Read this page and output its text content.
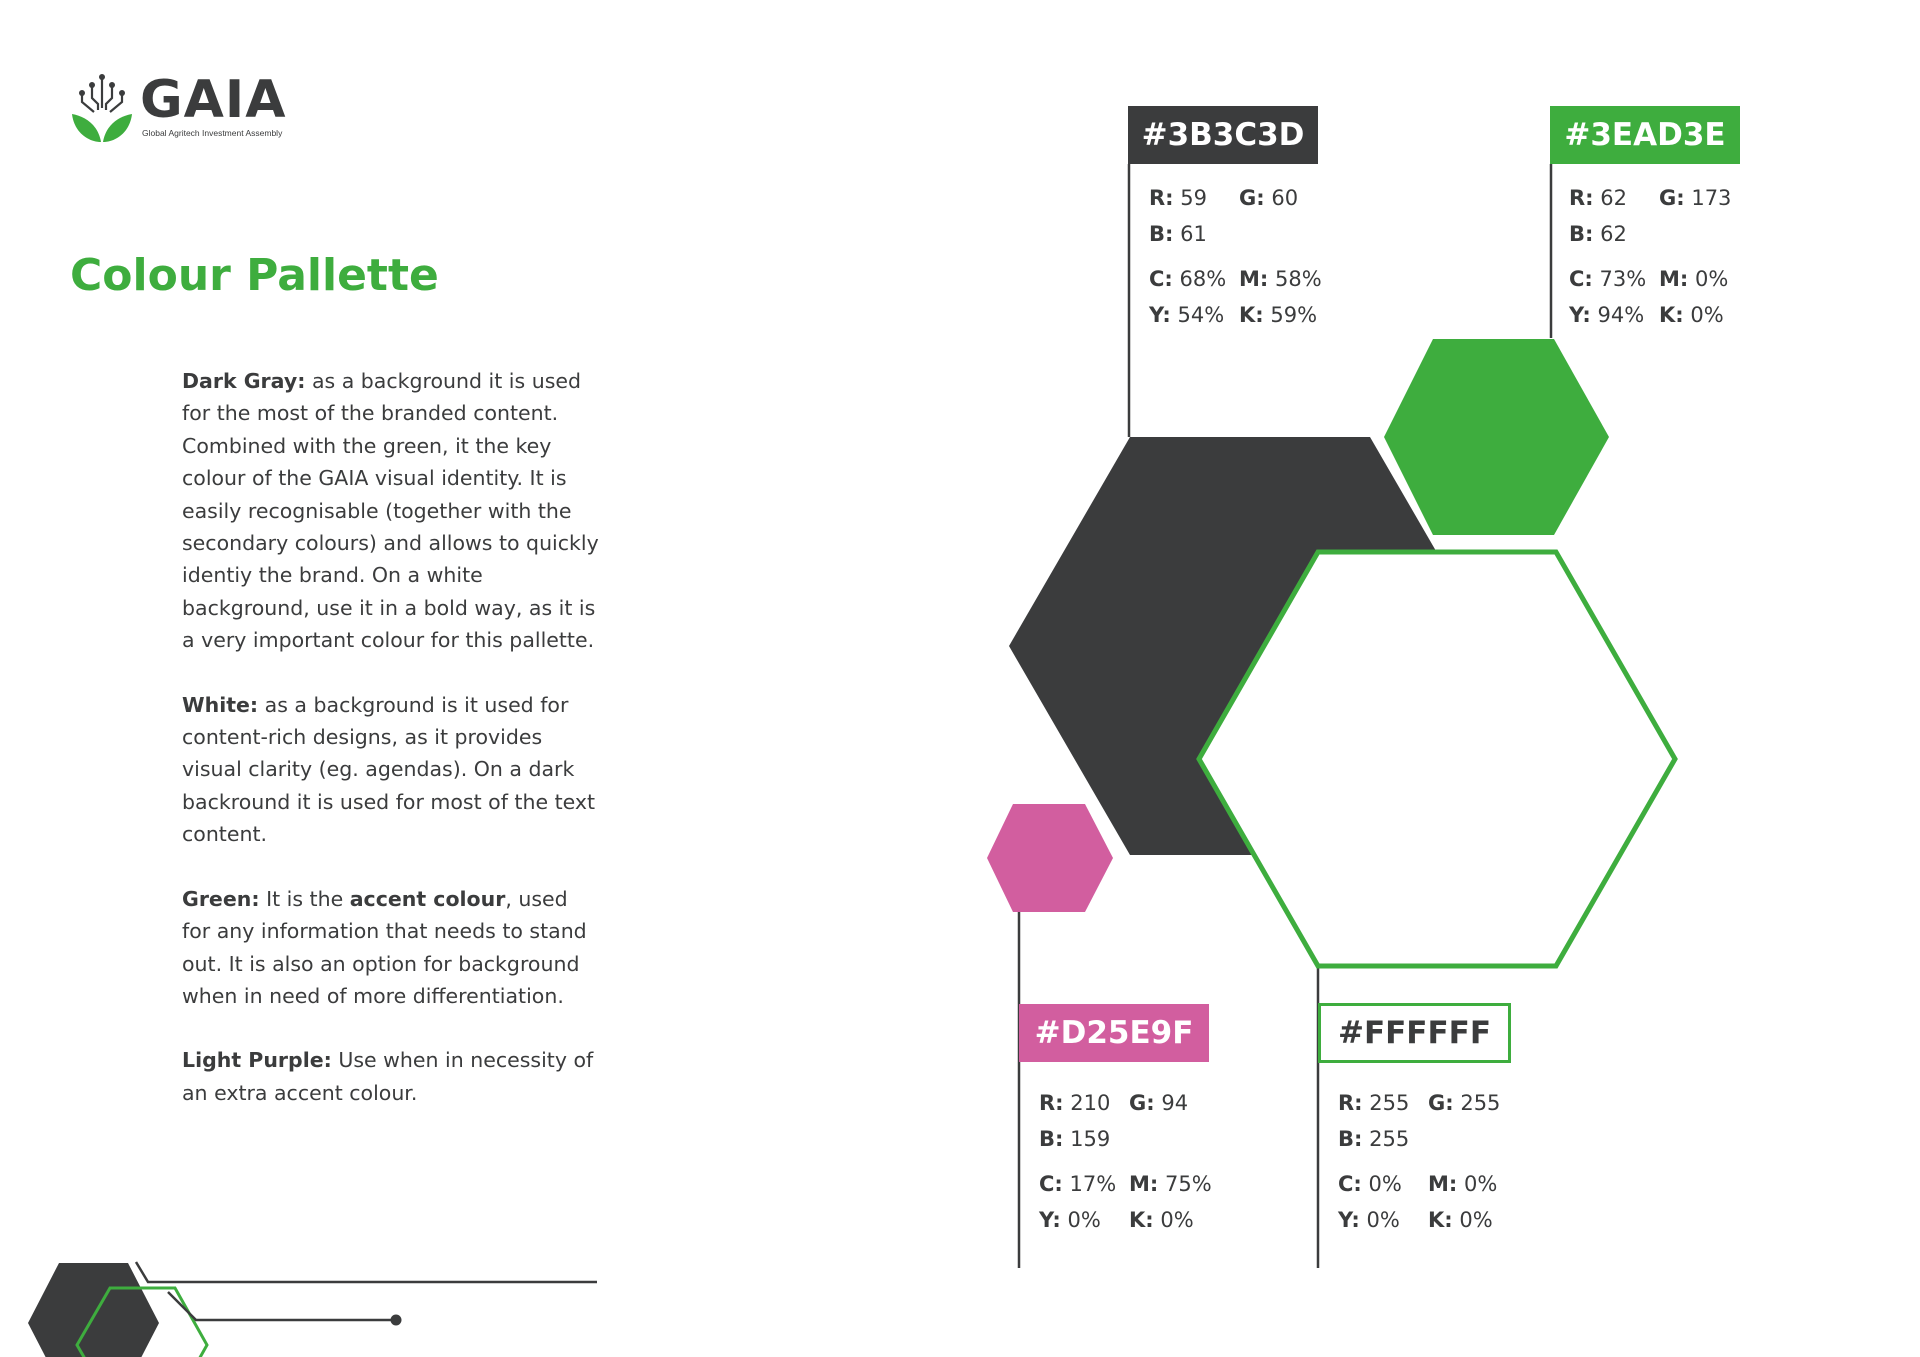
GAIA
Global Agritech Investment Assembly
Colour Pallette

Dark Gray: as a background it is used for the most of the branded content. Combined with the green, it the key colour of the GAIA visual identity. It is easily recognisable (together with the secondary colours) and allows to quickly identiy the brand. On a white background, use it in a bold way, as it is a very important colour for this pallette.

White: as a background is it used for content-rich designs, as it provides visual clarity (eg. agendas). On a dark backround it is used for most of the text content.

Green: It is the accent colour, used for any information that needs to stand out. It is also an option for background when in need of more differentiation.

Light Purple: Use when in necessity of an extra accent colour.

#3B3C3D	#3EAD3E
#D25E9F	#FFFFFF
R: 59 G: 60
B: 61
C: 68% M: 58%
Y: 54% K: 59%
R: 62 G: 173
B: 62
C: 73% M: 0%
Y: 94% K: 0%
R: 210 G: 94
B: 159
C: 17% M: 75%
Y: 0% K: 0%
R: 255 G: 255
B: 255
C: 0% M: 0%
Y: 0% K: 0%
